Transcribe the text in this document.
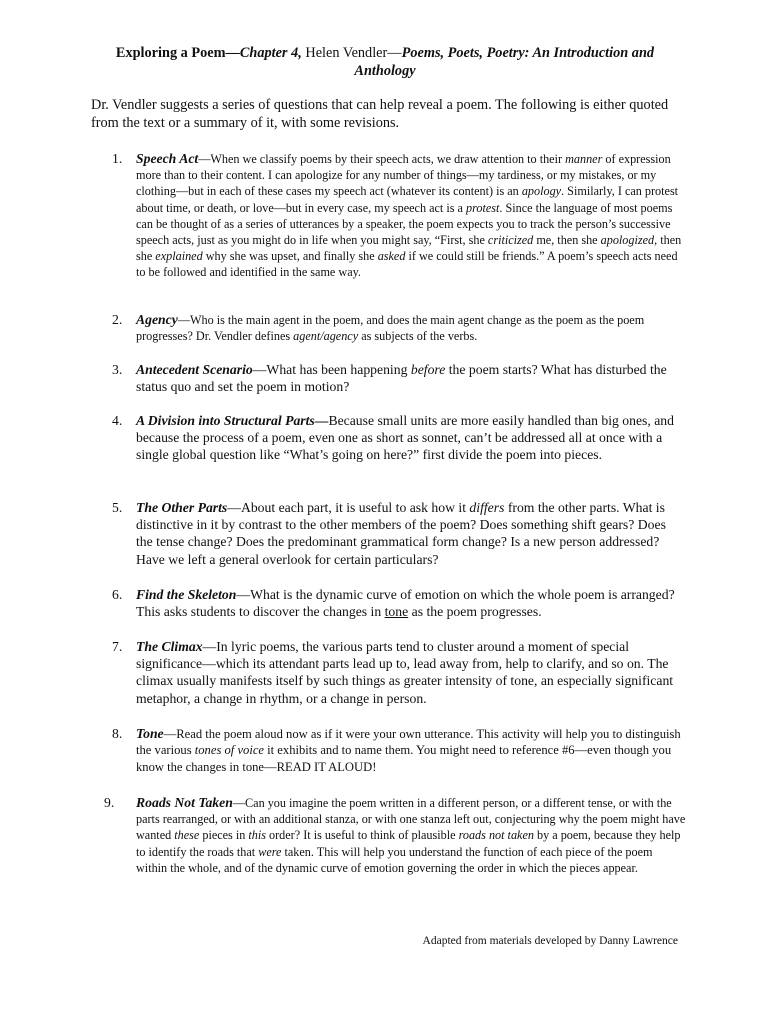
Exploring a Poem—Chapter 4, Helen Vendler—Poems, Poets, Poetry: An Introduction and
Anthology
Dr. Vendler suggests a series of questions that can help reveal a poem. The following is either quoted from the text or a summary of it, with some revisions.
1.	Speech Act—When we classify poems by their speech acts, we draw attention to their manner of expression more than to their content. I can apologize for any number of things—my tardiness, or my mistakes, or my clothing—but in each of these cases my speech act (whatever its content) is an apology. Similarly, I can protest about time, or death, or love—but in every case, my speech act is a protest. Since the language of most poems can be thought of as a series of utterances by a speaker, the poem expects you to track the person’s successive speech acts, just as you might do in life when you might say, “First, she criticized me, then she apologized, then she explained why she was upset, and finally she asked if we could still be friends.” A poem’s speech acts need to be followed and identified in the same way.
2.	Agency—Who is the main agent in the poem, and does the main agent change as the poem as the poem progresses? Dr. Vendler defines agent/agency as subjects of the verbs.
3.	Antecedent Scenario—What has been happening before the poem starts? What has disturbed the status quo and set the poem in motion?
4.	A Division into Structural Parts—Because small units are more easily handled than big ones, and because the process of a poem, even one as short as sonnet, can’t be addressed all at once with a single global question like “What’s going on here?” first divide the poem into pieces.
5.	The Other Parts—About each part, it is useful to ask how it differs from the other parts. What is distinctive in it by contrast to the other members of the poem? Does something shift gears? Does the tense change? Does the predominant grammatical form change? Is a new person addressed? Have we left a general overlook for certain particulars?
6.	Find the Skeleton—What is the dynamic curve of emotion on which the whole poem is arranged? This asks students to discover the changes in tone as the poem progresses.
7.	The Climax—In lyric poems, the various parts tend to cluster around a moment of special significance—which its attendant parts lead up to, lead away from, help to clarify, and so on. The climax usually manifests itself by such things as greater intensity of tone, an especially significant metaphor, a change in rhythm, or a change in person.
8.	Tone—Read the poem aloud now as if it were your own utterance. This activity will help you to distinguish the various tones of voice it exhibits and to name them. You might need to reference #6—even though you know the changes in tone—READ IT ALOUD!
9.	Roads Not Taken—Can you imagine the poem written in a different person, or a different tense, or with the parts rearranged, or with an additional stanza, or with one stanza left out, conjecturing why the poem might have wanted these pieces in this order? It is useful to think of plausible roads not taken by a poem, because they help to identify the roads that were taken. This will help you understand the function of each piece of the poem within the whole, and of the dynamic curve of emotion governing the order in which the pieces appear.
Adapted from materials developed by Danny Lawrence
